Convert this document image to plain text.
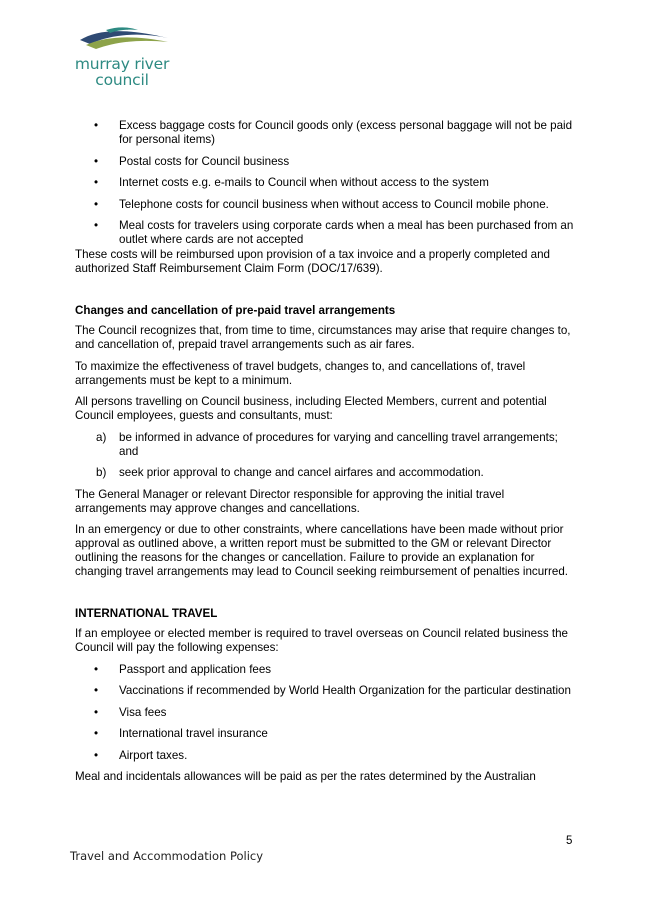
murray river
council
•	Excess baggage costs for Council goods only (excess personal baggage will not be paid for personal items)
•	Postal costs for Council business
•	Internet costs e.g. e-mails to Council when without access to the system
•	Telephone costs for council business when without access to Council mobile phone.
•	Meal costs for travelers using corporate cards when a meal has been purchased from an outlet where cards are not accepted

These costs will be reimbursed upon provision of a tax invoice and a properly completed and authorized Staff Reimbursement Claim Form (DOC/17/639).

Changes and cancellation of pre-paid travel arrangements

The Council recognizes that, from time to time, circumstances may arise that require changes to, and cancellation of, prepaid travel arrangements such as air fares.

To maximize the effectiveness of travel budgets, changes to, and cancellations of, travel arrangements must be kept to a minimum.

All persons travelling on Council business, including Elected Members, current and potential Council employees, guests and consultants, must:

a)	be informed in advance of procedures for varying and cancelling travel arrangements; and
b)	seek prior approval to change and cancel airfares and accommodation.

The General Manager or relevant Director responsible for approving the initial travel arrangements may approve changes and cancellations.

In an emergency or due to other constraints, where cancellations have been made without prior approval as outlined above, a written report must be submitted to the GM or relevant Director outlining the reasons for the changes or cancellation. Failure to provide an explanation for changing travel arrangements may lead to Council seeking reimbursement of penalties incurred.

INTERNATIONAL TRAVEL

If an employee or elected member is required to travel overseas on Council related business the Council will pay the following expenses:

•	Passport and application fees
• Vaccinations if recommended by World Health Organization for the particular destination
•	Visa fees
•	International travel insurance
•	Airport taxes.

Meal and incidentals allowances will be paid as per the rates determined by the Australian

5
Travel and Accommodation Policy
